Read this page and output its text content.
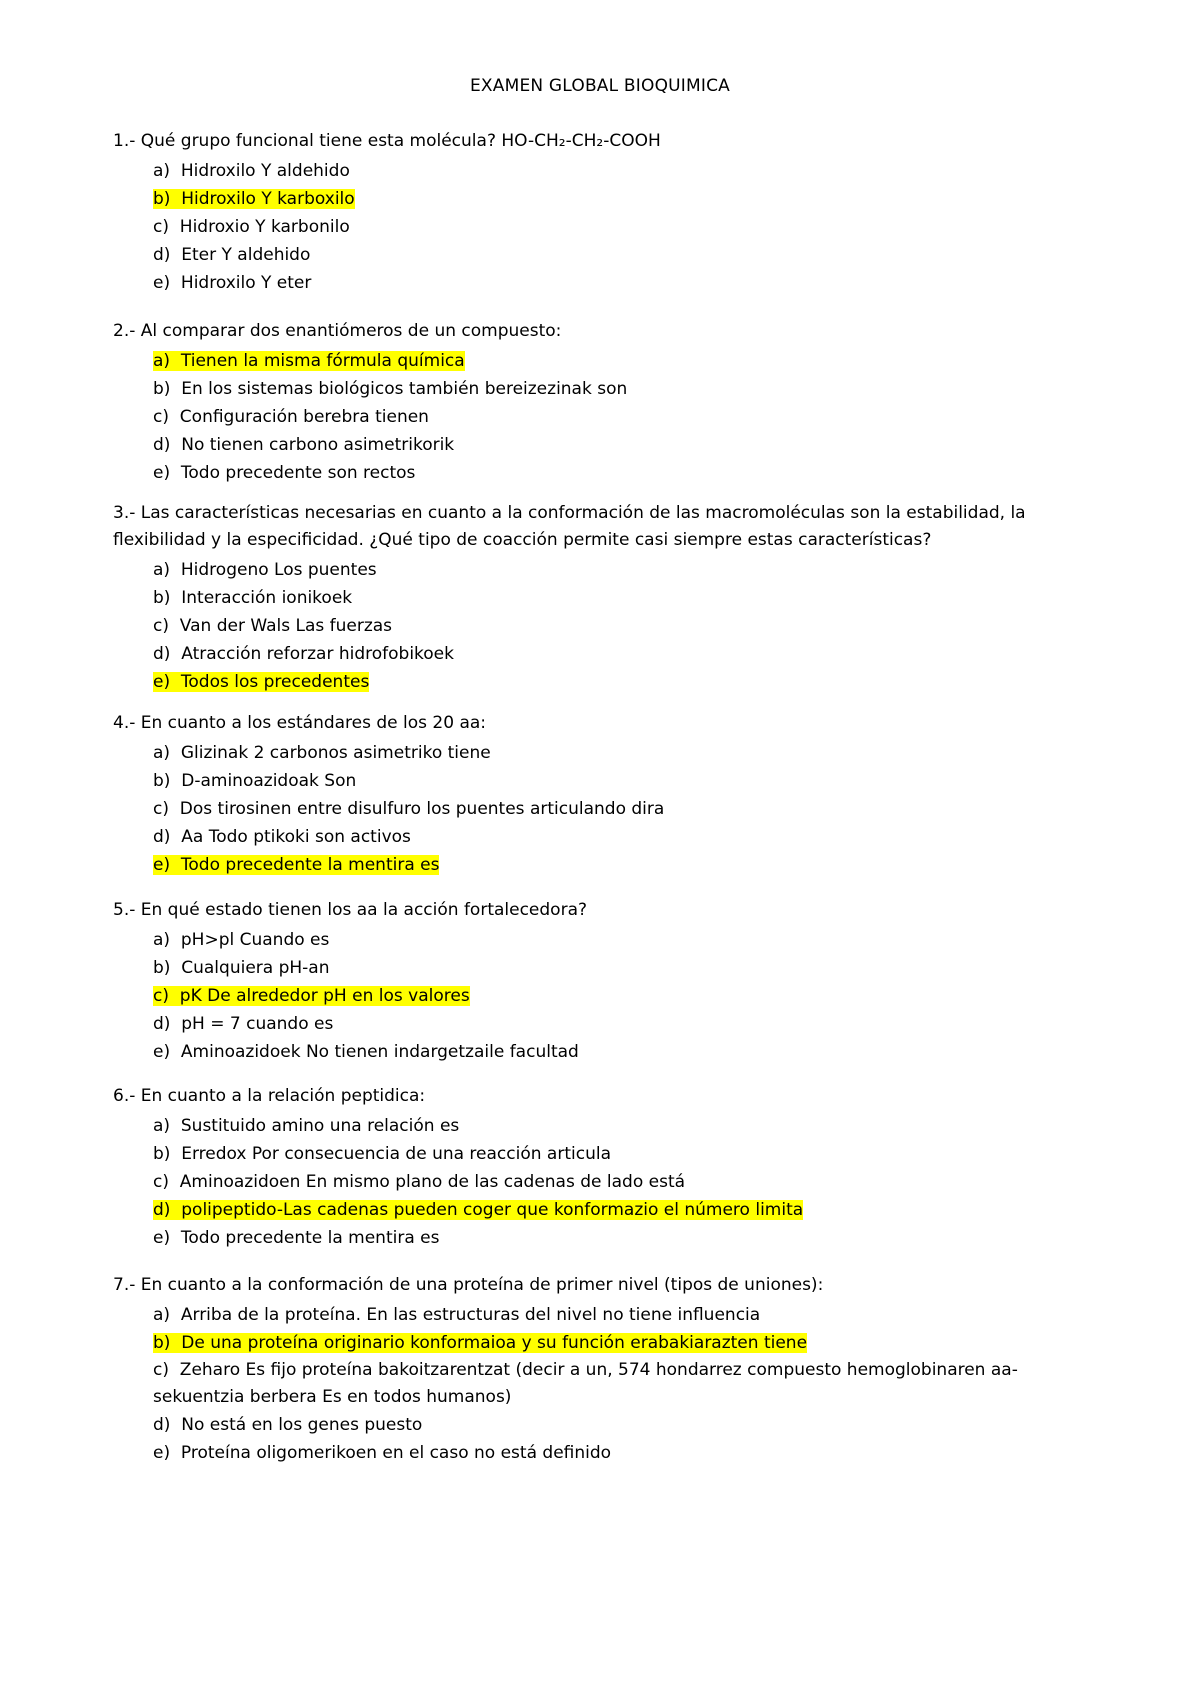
EXAMEN GLOBAL BIOQUIMICA

1.- Qué grupo funcional tiene esta molécula? HO-CH₂-CH₂-COOH

a) Hidroxilo Y aldehido
b) Hidroxilo Y karboxilo
c) Hidroxio Y karbonilo
d) Eter Y aldehido
e) Hidroxilo Y eter

2.- Al comparar dos enantiómeros de un compuesto:

a) Tienen la misma fórmula química
b) En los sistemas biológicos también bereizezinak son
c) Configuración berebra tienen
d) No tienen carbono asimetrikorik
e) Todo precedente son rectos

3.- Las características necesarias en cuanto a la conformación de las macromoléculas son la estabilidad, la flexibilidad y la especificidad. ¿Qué tipo de coacción permite casi siempre estas características?

a) Hidrogeno Los puentes
b) Interacción ionikoek
c) Van der Wals Las fuerzas
d) Atracción reforzar hidrofobikoek
e) Todos los precedentes

4.- En cuanto a los estándares de los 20 aa:

a) Glizinak 2 carbonos asimetriko tiene
b) D-aminoazidoak Son
c) Dos tirosinen entre disulfuro los puentes articulando dira
d) Aa Todo ptikoki son activos
e) Todo precedente la mentira es

5.- En qué estado tienen los aa la acción fortalecedora?

a) pH>pl Cuando es
b) Cualquiera pH-an
c) pK De alrededor pH en los valores
d) pH = 7 cuando es
e) Aminoazidoek No tienen indargetzaile facultad

6.- En cuanto a la relación peptidica:

a) Sustituido amino una relación es
b) Erredox Por consecuencia de una reacción articula
c) Aminoazidoen En mismo plano de las cadenas de lado está
d) polipeptido-Las cadenas pueden coger que konformazio el número limita
e) Todo precedente la mentira es

7.- En cuanto a la conformación de una proteína de primer nivel (tipos de uniones):

a) Arriba de la proteína. En las estructuras del nivel no tiene influencia
b) De una proteína originario konformaioa y su función erabakiarazten tiene
c) Zeharo Es fijo proteína bakoitzarentzat (decir a un, 574 hondarrez compuesto hemoglobinaren aa-sekuentzia berbera Es en todos humanos)
d) No está en los genes puesto
e) Proteína oligomerikoen en el caso no está definido
